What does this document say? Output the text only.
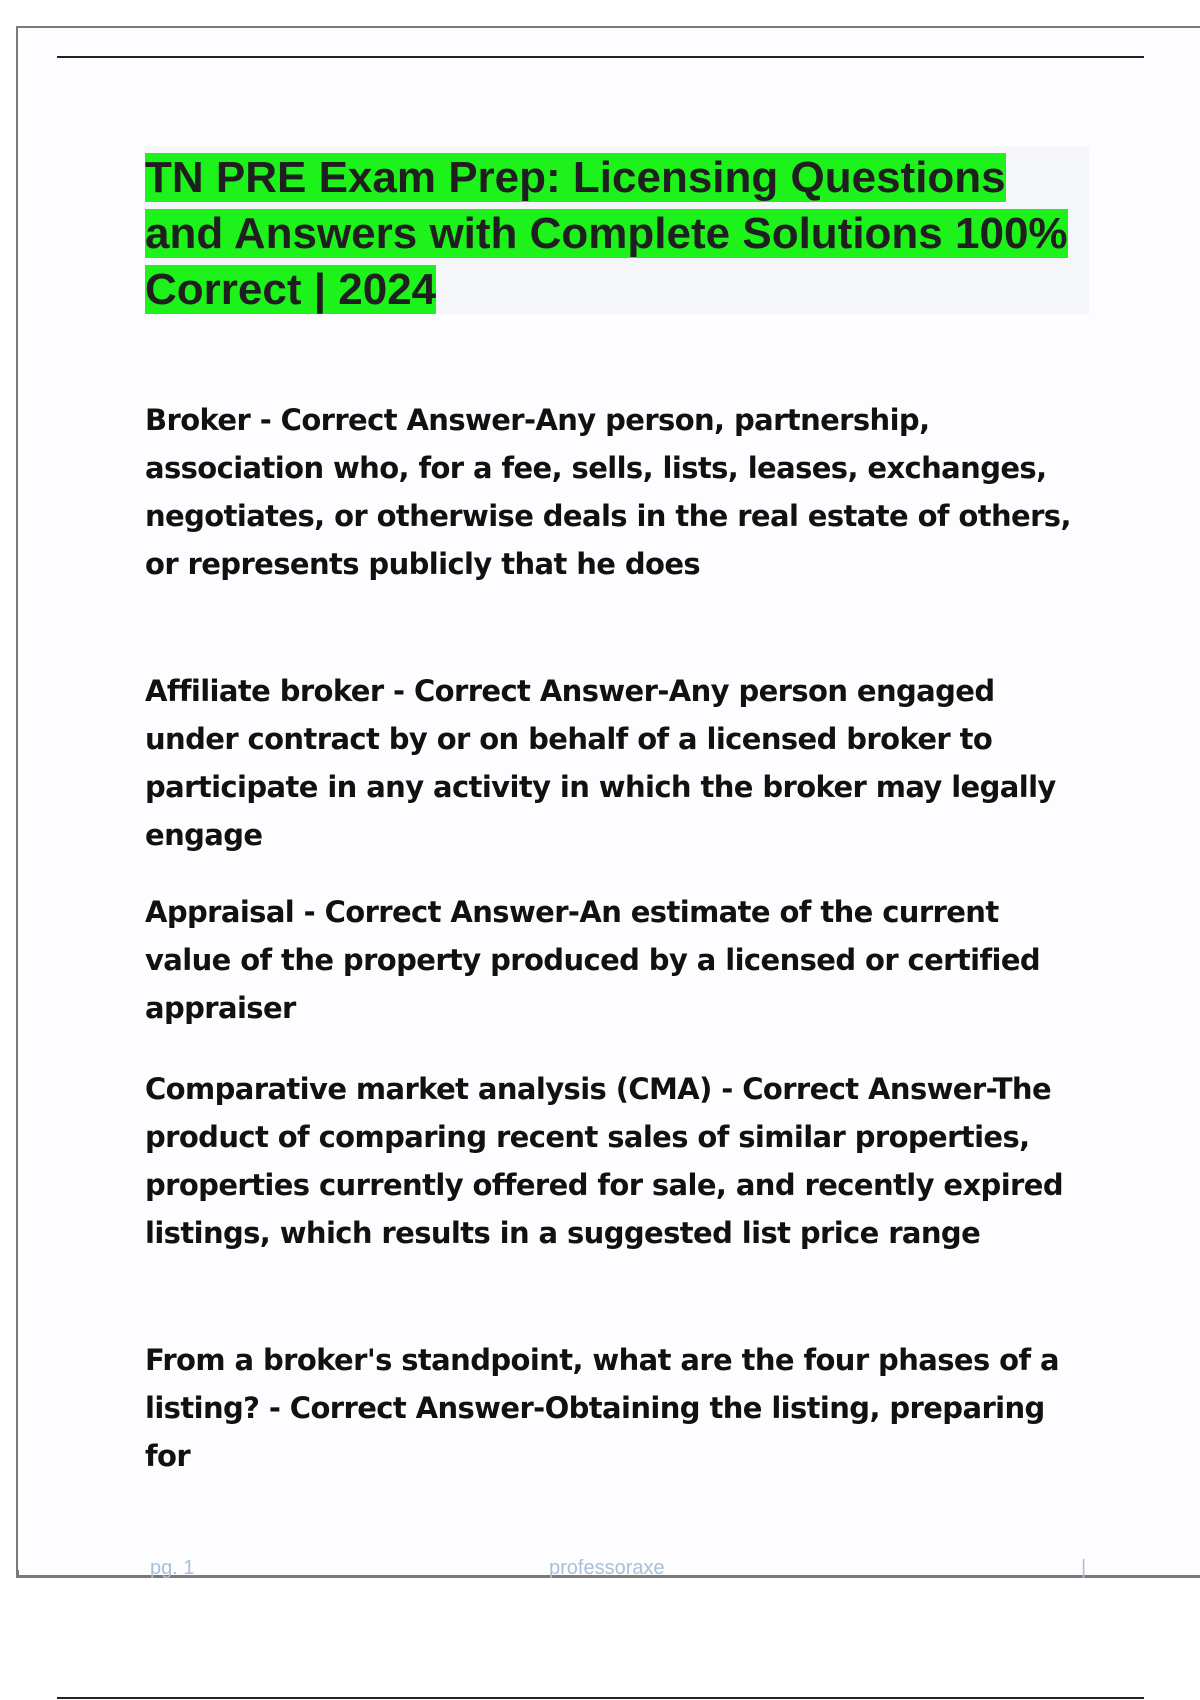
TN PRE Exam Prep: Licensing Questions and Answers with Complete Solutions 100% Correct | 2024

Broker - Correct Answer-Any person, partnership, association who, for a fee, sells, lists, leases, exchanges, negotiates, or otherwise deals in the real estate of others, or represents publicly that he does

Affiliate broker - Correct Answer-Any person engaged under contract by or on behalf of a licensed broker to participate in any activity in which the broker may legally engage

Appraisal - Correct Answer-An estimate of the current value of the property produced by a licensed or certified appraiser

Comparative market analysis (CMA) - Correct Answer-The product of comparing recent sales of similar properties, properties currently offered for sale, and recently expired listings, which results in a suggested list price range

From a broker's standpoint, what are the four phases of a listing? - Correct Answer-Obtaining the listing, preparing for

pg. 1	professoraxe	|
